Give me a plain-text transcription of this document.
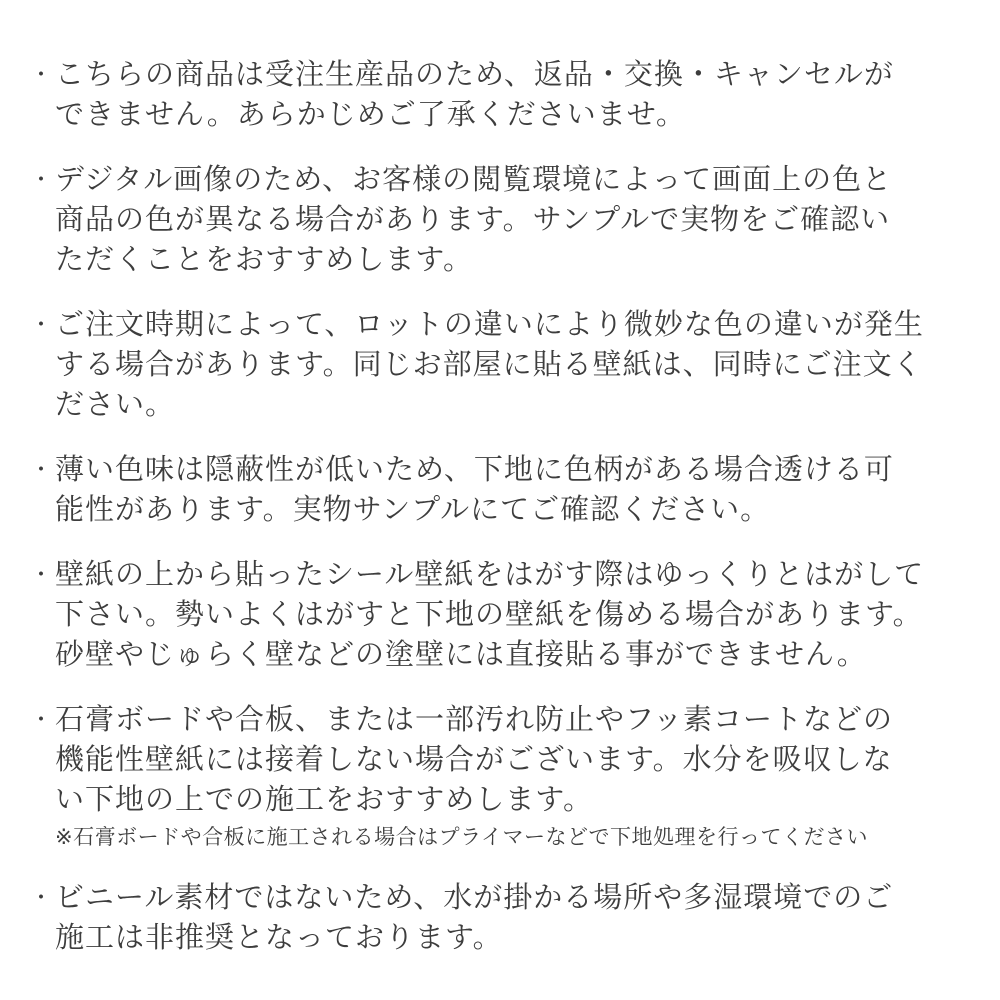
・ こちらの商品は受注生産品のため、返品・交換・キャンセルが
できません。あらかじめご了承くださいませ。
・ デジタル画像のため、お客様の閲覧環境によって画面上の色と
商品の色が異なる場合があります。サンプルで実物をご確認い
ただくことをおすすめします。
・ ご注文時期によって、ロットの違いにより微妙な色の違いが発生
する場合があります。同じお部屋に貼る壁紙は、同時にご注文く
ださい。
・ 薄い色味は隠蔽性が低いため、下地に色柄がある場合透ける可
能性があります。実物サンプルにてご確認ください。
・ 壁紙の上から貼ったシール壁紙をはがす際はゆっくりとはがして
下さい。勢いよくはがすと下地の壁紙を傷める場合があります。
砂壁やじゅらく壁などの塗壁には直接貼る事ができません。
・ 石膏ボードや合板、または一部汚れ防止やフッ素コートなどの
機能性壁紙には接着しない場合がございます。水分を吸収しな
い下地の上での施工をおすすめします。
※石膏ボードや合板に施工される場合はプライマーなどで下地処理を行ってください
・ ビニール素材ではないため、水が掛かる場所や多湿環境でのご
施工は非推奨となっております。
